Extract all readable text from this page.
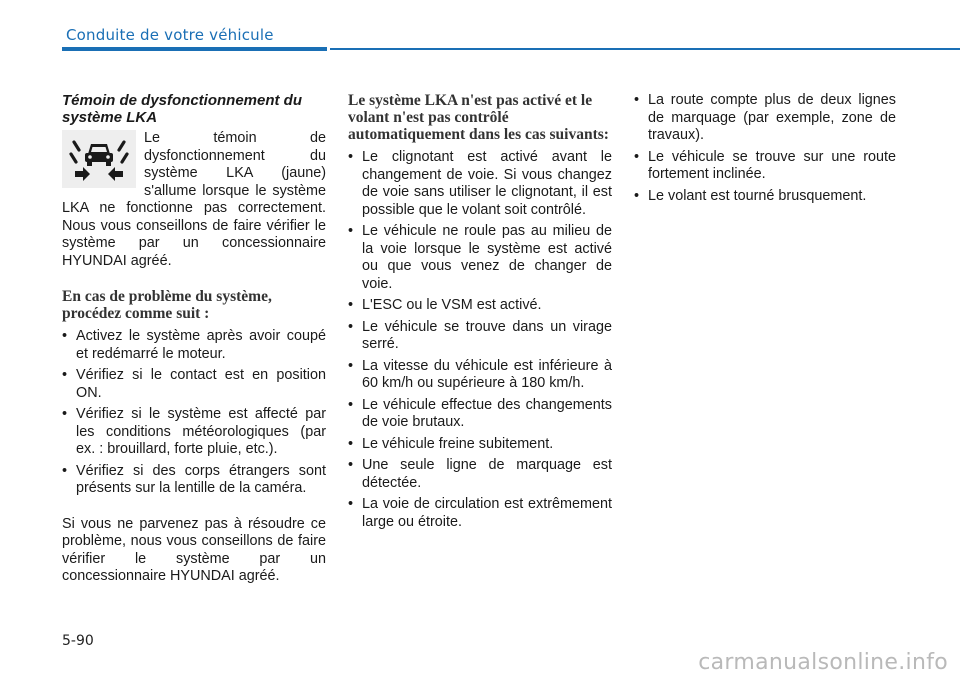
Conduite de votre véhicule
Témoin de dysfonctionnement du système LKA

Le témoin de dysfonctionnement du système LKA (jaune) s'allume lorsque le système LKA ne fonctionne pas correctement. Nous vous conseillons de faire vérifier le système par un concessionnaire HYUNDAI agréé.

En cas de problème du système, procédez comme suit :
• Activez le système après avoir coupé et redémarré le moteur.
• Vérifiez si le contact est en position ON.
• Vérifiez si le système est affecté par les conditions météorologiques (par ex. : brouillard, forte pluie, etc.).
• Vérifiez si des corps étrangers sont présents sur la lentille de la caméra.

Si vous ne parvenez pas à résoudre ce problème, nous vous conseillons de faire vérifier le système par un concessionnaire HYUNDAI agréé.

Le système LKA n'est pas activé et le volant n'est pas contrôlé automatiquement dans les cas suivants:
• Le clignotant est activé avant le changement de voie. Si vous changez de voie sans utiliser le clignotant, il est possible que le volant soit contrôlé.
• Le véhicule ne roule pas au milieu de la voie lorsque le système est activé ou que vous venez de changer de voie.
• L'ESC ou le VSM est activé.
• Le véhicule se trouve dans un virage serré.
• La vitesse du véhicule est inférieure à 60 km/h ou supérieure à 180 km/h.
• Le véhicule effectue des changements de voie brutaux.
• Le véhicule freine subitement.
• Une seule ligne de marquage est détectée.
• La voie de circulation est extrêmement large ou étroite.
• La route compte plus de deux lignes de marquage (par exemple, zone de travaux).
• Le véhicule se trouve sur une route fortement inclinée.
• Le volant est tourné brusquement.
5-90
carmanualsonline.info
